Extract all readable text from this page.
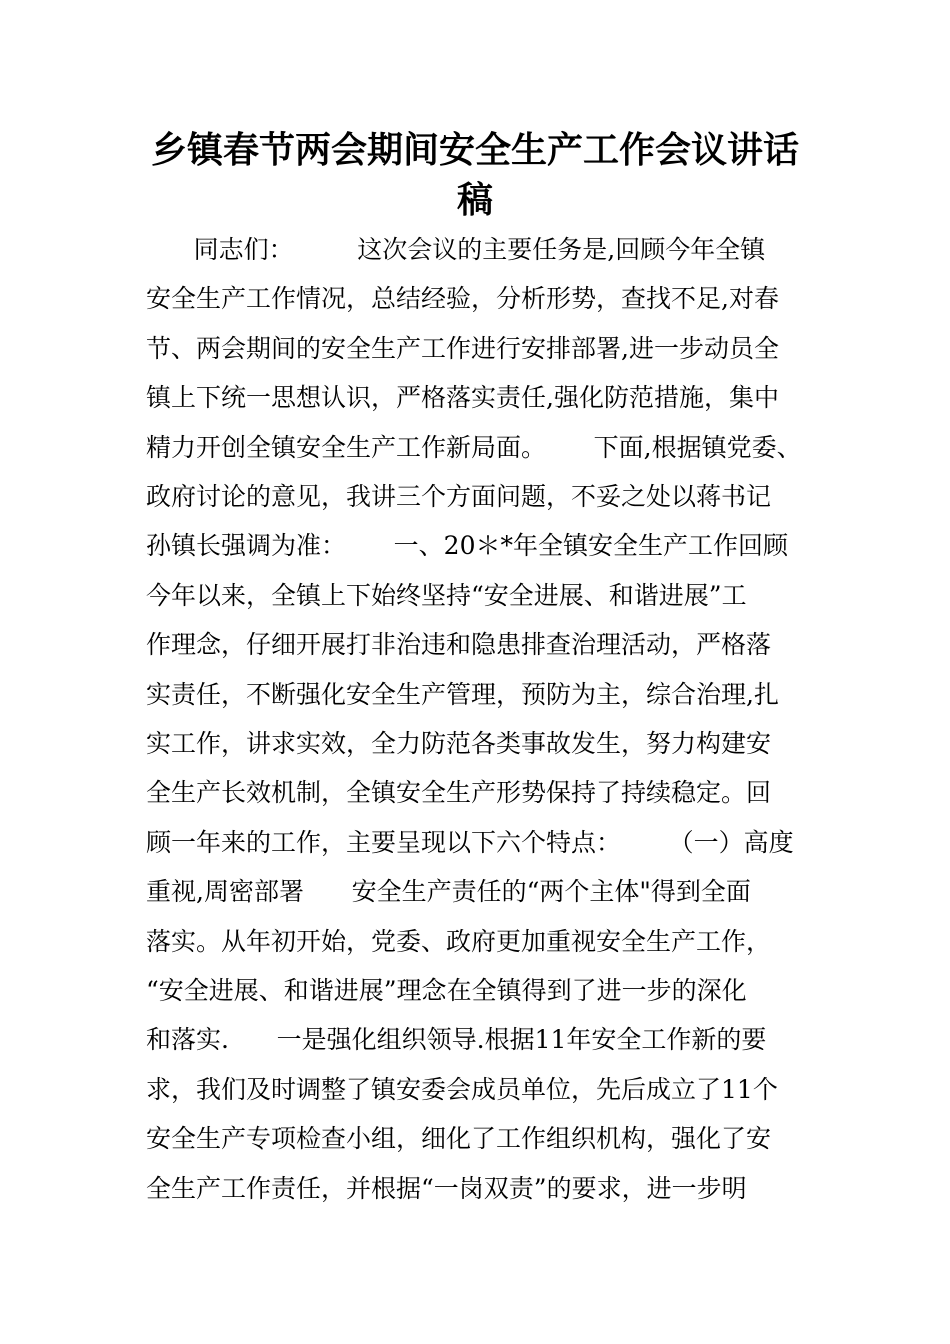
乡镇春节两会期间安全生产工作会议讲话
稿
同志们：        这次会议的主要任务是,回顾今年全镇
安全生产工作情况，总结经验，分析形势，查找不足,对春
节、两会期间的安全生产工作进行安排部署,进一步动员全
镇上下统一思想认识，严格落实责任,强化防范措施，集中
精力开创全镇安全生产工作新局面。      下面,根据镇党委、
政府讨论的意见，我讲三个方面问题，不妥之处以蒋书记
孙镇长强调为准：      一、20＊*年全镇安全生产工作回顾
今年以来，全镇上下始终坚持“安全进展、和谐进展”工
作理念，仔细开展打非治违和隐患排查治理活动，严格落
实责任，不断强化安全生产管理，预防为主，综合治理,扎
实工作，讲求实效，全力防范各类事故发生，努力构建安
全生产长效机制，全镇安全生产形势保持了持续稳定。回
顾一年来的工作，主要呈现以下六个特点：      （一）高度
重视,周密部署      安全生产责任的“两个主体"得到全面
落实。从年初开始，党委、政府更加重视安全生产工作，
“安全进展、和谐进展”理念在全镇得到了进一步的深化
和落实.      一是强化组织领导.根据11年安全工作新的要
求，我们及时调整了镇安委会成员单位，先后成立了11个
安全生产专项检查小组，细化了工作组织机构，强化了安
全生产工作责任，并根据“一岗双责”的要求，进一步明
